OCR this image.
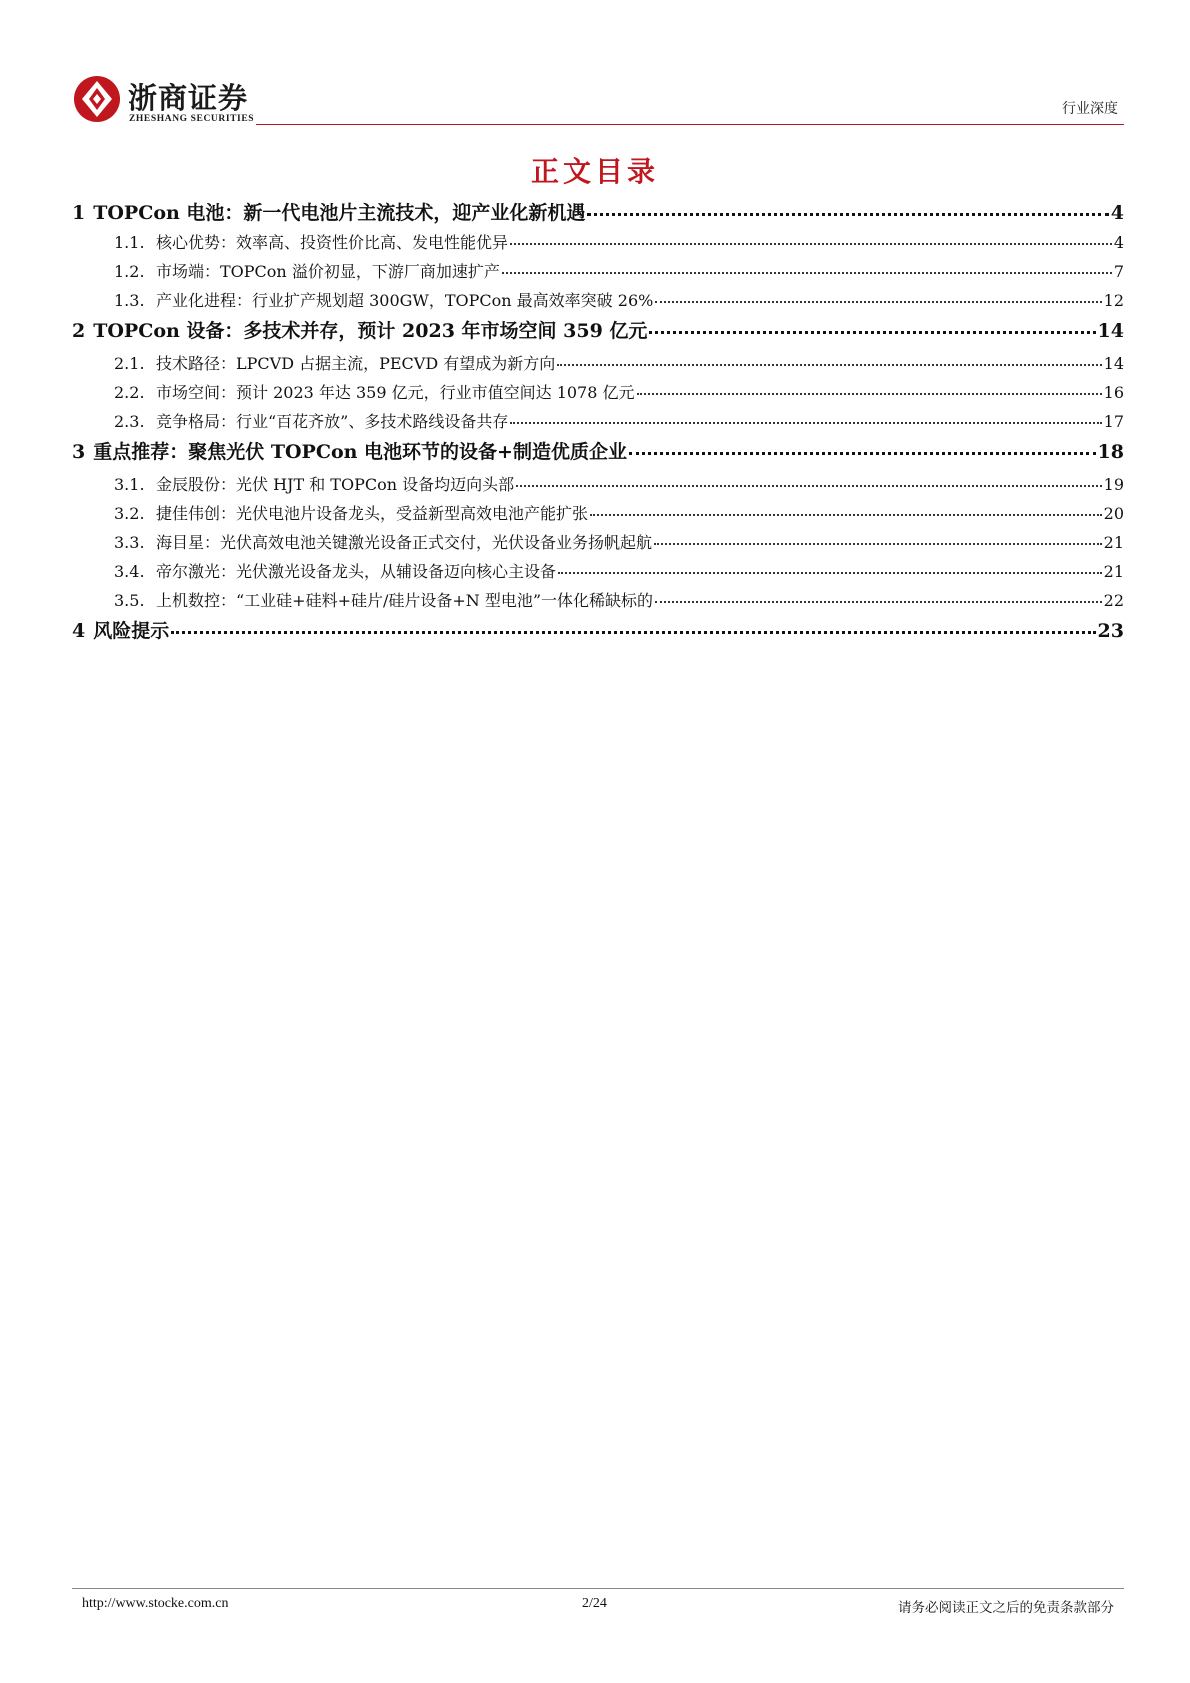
浙商证券
ZHESHANG SECURITIES
行业深度
正文目录
1 TOPCon 电池：新一代电池片主流技术，迎产业化新机遇	4
1.1. 核心优势：效率高、投资性价比高、发电性能优异	4
1.2. 市场端：TOPCon 溢价初显，下游厂商加速扩产	7
1.3. 产业化进程：行业扩产规划超 300GW，TOPCon 最高效率突破 26%	12
2 TOPCon 设备：多技术并存，预计 2023 年市场空间 359 亿元	14
2.1. 技术路径：LPCVD 占据主流，PECVD 有望成为新方向	14
2.2. 市场空间：预计 2023 年达 359 亿元，行业市值空间达 1078 亿元	16
2.3. 竞争格局：行业“百花齐放”、多技术路线设备共存	17
3 重点推荐：聚焦光伏 TOPCon 电池环节的设备+制造优质企业	18
3.1. 金辰股份：光伏 HJT 和 TOPCon 设备均迈向头部	19
3.2. 捷佳伟创：光伏电池片设备龙头，受益新型高效电池产能扩张	20
3.3. 海目星：光伏高效电池关键激光设备正式交付，光伏设备业务扬帆起航	21
3.4. 帝尔激光：光伏激光设备龙头，从辅设备迈向核心主设备	21
3.5. 上机数控：“工业硅+硅料+硅片/硅片设备+N 型电池”一体化稀缺标的	22
4 风险提示	23
http://www.stocke.com.cn	2/24	请务必阅读正文之后的免责条款部分
